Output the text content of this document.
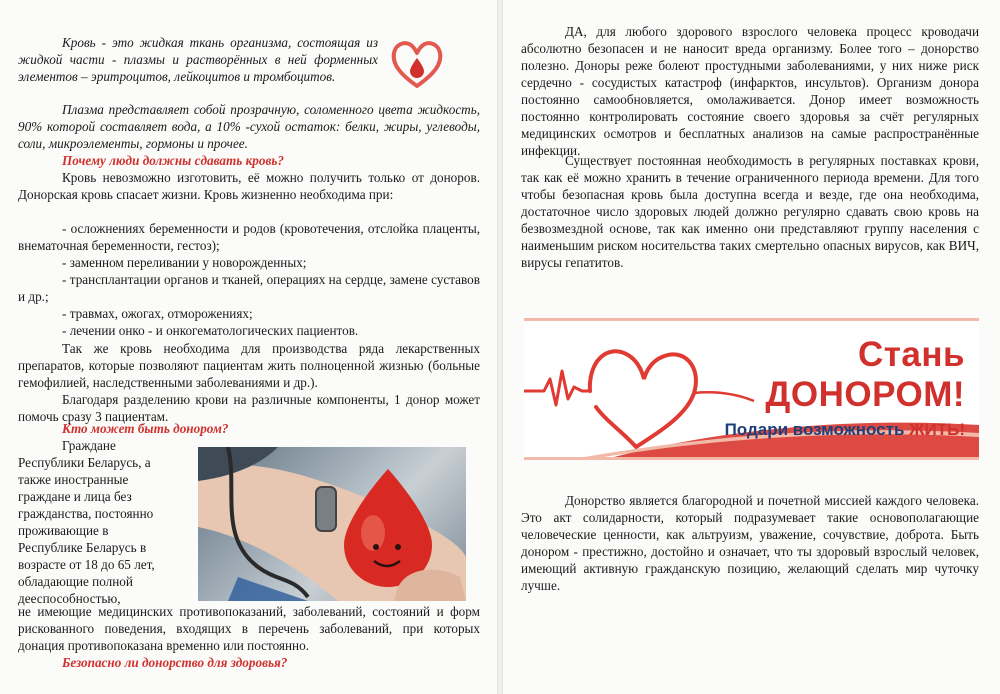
Кровь - это жидкая ткань организма, состоящая из жидкой части - плазмы и растворённых в ней форменных элементов – эритроцитов, лейкоцитов и тромбоцитов.

Плазма представляет собой прозрачную, соломенного цвета жидкость, 90% которой составляет вода, а 10% -сухой остаток: белки, жиры, углеводы, соли, микроэлементы, гормоны и прочее.

Почему люди должны сдавать кровь?

Кровь невозможно изготовить, её можно получить только от доноров. Донорская кровь спасает жизни. Кровь жизненно необходима при:

- осложнениях беременности и родов (кровотечения, отслойка плаценты, внематочная беременности, гестоз);
- заменном переливании у новорожденных;
- трансплантации органов и тканей, операциях на сердце, замене суставов и др.;
- травмах, ожогах, отморожениях;
- лечении онко - и онкогематологических пациентов.

Так же кровь необходима для производства ряда лекарственных препаратов, которые позволяют пациентам жить полноценной жизнью (больные гемофилией, наследственными заболеваниями и др.).

Благодаря разделению крови на различные компоненты, 1 донор может помочь сразу 3 пациентам.

Кто может быть донором?

Граждане

Республики Беларусь, а
также иностранные
граждане и лица без
гражданства, постоянно
проживающие в
Республике Беларусь в
возрасте от 18 до 65 лет,
обладающие полной
дееспособностью,

не имеющие медицинских противопоказаний, заболеваний, состояний и форм рискованного поведения, входящих в перечень заболеваний, при которых донация противопоказана временно или постоянно.

Безопасно ли донорство для здоровья?

ДА, для любого здорового взрослого человека процесс кроводачи абсолютно безопасен и не наносит вреда организму. Более того – донорство полезно. Доноры реже болеют простудными заболеваниями, у них ниже риск сердечно - сосудистых катастроф (инфарктов, инсультов). Организм донора постоянно самообновляется, омолаживается. Донор имеет возможность постоянно контролировать состояние своего здоровья за счёт регулярных медицинских осмотров и бесплатных анализов на самые распространённые инфекции.

Существует постоянная необходимость в регулярных поставках крови, так как её можно хранить в течение ограниченного периода времени. Для того чтобы безопасная кровь была доступна всегда и везде, где она необходима, достаточное число здоровых людей должно регулярно сдавать свою кровь на безвозмездной основе, так как именно они представляют группу населения с наименьшим риском носительства таких смертельно опасных вирусов, как ВИЧ, вирусы гепатитов.

Стань
ДОНОРОМ!
Подари возможность ЖИТЬ!

Донорство является благородной и почетной миссией каждого человека. Это акт солидарности, который подразумевает такие основополагающие человеческие ценности, как альтруизм, уважение, сочувствие, доброта. Быть донором - престижно, достойно и означает, что ты здоровый взрослый человек, имеющий активную гражданскую позицию, желающий сделать мир чуточку лучше.
